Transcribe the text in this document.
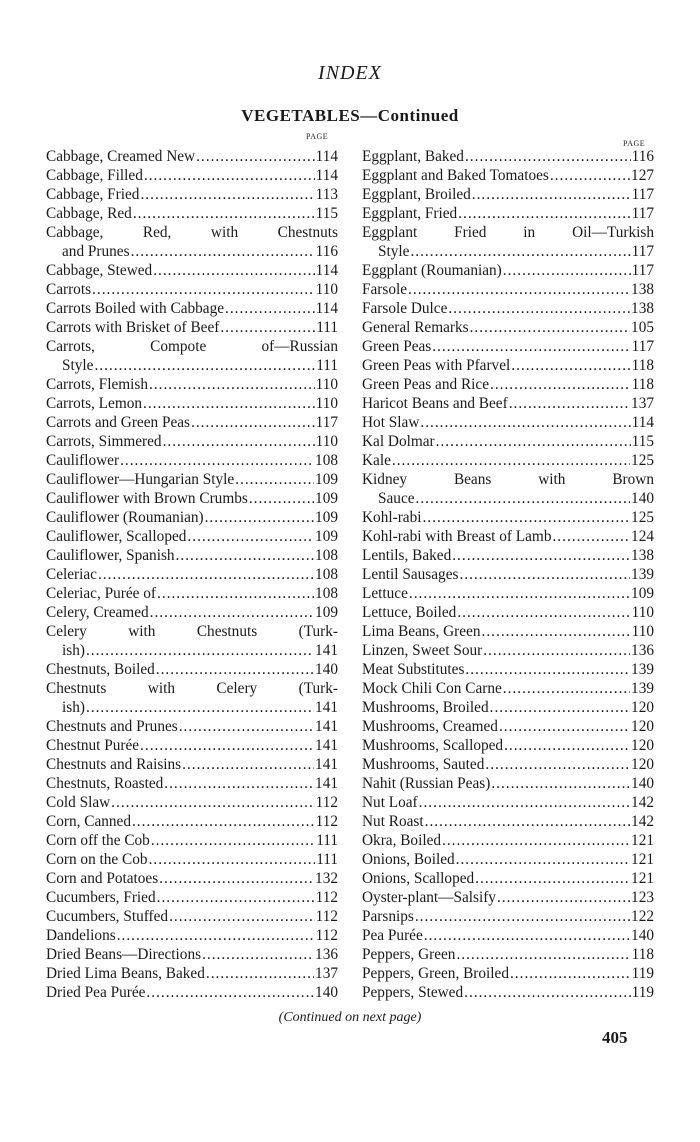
INDEX
VEGETABLES—Continued
PAGE
PAGE
Cabbage, Creamed New .....	114
Cabbage, Filled .....	114
Cabbage, Fried .....	113
Cabbage, Red .....	115
Cabbage, Red, with Chestnuts
and Prunes .....	116
Cabbage, Stewed .....	114
Carrots .....	110
Carrots Boiled with Cabbage .....	114
Carrots with Brisket of Beef .....	111
Carrots, Compote of—Russian
Style .....	111
Carrots, Flemish .....	110
Carrots, Lemon .....	110
Carrots and Green Peas .....	117
Carrots, Simmered .....	110
Cauliflower .....	108
Cauliflower—Hungarian Style .....	109
Cauliflower with Brown Crumbs .....	109
Cauliflower (Roumanian) .....	109
Cauliflower, Scalloped .....	109
Cauliflower, Spanish .....	108
Celeriac .....	108
Celeriac, Purée of .....	108
Celery, Creamed .....	109
Celery with Chestnuts (Turk-
ish) .....	141
Chestnuts, Boiled .....	140
Chestnuts with Celery (Turk-
ish) .....	141
Chestnuts and Prunes .....	141
Chestnut Purée .....	141
Chestnuts and Raisins .....	141
Chestnuts, Roasted .....	141
Cold Slaw .....	112
Corn, Canned .....	112
Corn off the Cob .....	111
Corn on the Cob .....	111
Corn and Potatoes .....	132
Cucumbers, Fried .....	112
Cucumbers, Stuffed .....	112
Dandelions .....	112
Dried Beans—Directions .....	136
Dried Lima Beans, Baked .....	137
Dried Pea Purée .....	140
Eggplant, Baked .....	116
Eggplant and Baked Tomatoes .....	127
Eggplant, Broiled .....	117
Eggplant, Fried .....	117
Eggplant Fried in Oil—Turkish
Style .....	117
Eggplant (Roumanian) .....	117
Farsole .....	138
Farsole Dulce .....	138
General Remarks .....	105
Green Peas .....	117
Green Peas with Pfarvel .....	118
Green Peas and Rice .....	118
Haricot Beans and Beef .....	137
Hot Slaw .....	114
Kal Dolmar .....	115
Kale .....	125
Kidney Beans with Brown
Sauce .....	140
Kohl-rabi .....	125
Kohl-rabi with Breast of Lamb .....	124
Lentils, Baked .....	138
Lentil Sausages .....	139
Lettuce .....	109
Lettuce, Boiled .....	110
Lima Beans, Green .....	110
Linzen, Sweet Sour .....	136
Meat Substitutes .....	139
Mock Chili Con Carne .....	139
Mushrooms, Broiled .....	120
Mushrooms, Creamed .....	120
Mushrooms, Scalloped .....	120
Mushrooms, Sauted .....	120
Nahit (Russian Peas) .....	140
Nut Loaf .....	142
Nut Roast .....	142
Okra, Boiled .....	121
Onions, Boiled .....	121
Onions, Scalloped .....	121
Oyster-plant—Salsify .....	123
Parsnips .....	122
Pea Purée .....	140
Peppers, Green .....	118
Peppers, Green, Broiled .....	119
Peppers, Stewed .....	119
(Continued on next page)
405
